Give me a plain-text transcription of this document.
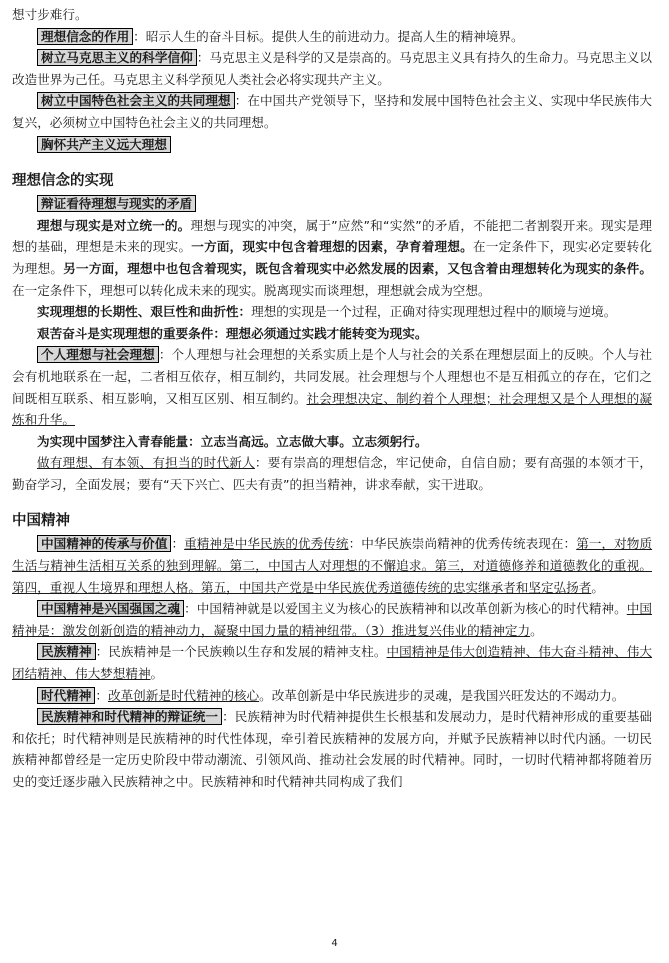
想寸步难行。

理想信念的作用 ：昭示人生的奋斗目标。提供人生的前进动力。提高人生的精神境界。

树立马克思主义的科学信仰 ：马克思主义是科学的又是崇高的。马克思主义具有持久的生命力。马克思主义以改造世界为己任。马克思主义科学预见人类社会必将实现共产主义。

树立中国特色社会主义的共同理想 ：在中国共产党领导下，坚持和发展中国特色社会主义、实现中华民族伟大复兴，必须树立中国特色社会主义的共同理想。

胸怀共产主义远大理想

理想信念的实现

辩证看待理想与现实的矛盾

理想与现实是对立统一的。理想与现实的冲突，属于”应然”和“实然”的矛盾，不能把二者割裂开来。现实是理想的基础，理想是未来的现实。一方面，现实中包含着理想的因素，孕育着理想。在一定条件下，现实必定要转化为理想。另一方面，理想中也包含着现实，既包含着现实中必然发展的因素，又包含着由理想转化为现实的条件。在一定条件下，理想可以转化成未来的现实。脱离现实而谈理想，理想就会成为空想。

实现理想的长期性、艰巨性和曲折性：理想的实现是一个过程，正确对待实现理想过程中的顺境与逆境。

艰苦奋斗是实现理想的重要条件：理想必须通过实践才能转变为现实。

个人理想与社会理想 ：个人理想与社会理想的关系实质上是个人与社会的关系在理想层面上的反映。个人与社会有机地联系在一起，二者相互依存，相互制约，共同发展。社会理想与个人理想也不是互相孤立的存在，它们之间既相互联系、相互影响，又相互区别、相互制约。社会理想决定、制约着个人理想；社会理想又是个人理想的凝炼和升华。

为实现中国梦注入青春能量：立志当高远。立志做大事。立志须躬行。

做有理想、有本领、有担当的时代新人：要有崇高的理想信念，牢记使命，自信自励；要有高强的本领才干，勤奋学习，全面发展；要有“天下兴亡、匹夫有责”的担当精神，讲求奉献，实干进取。

中国精神

中国精神的传承与价值 ：重精神是中华民族的优秀传统：中华民族崇尚精神的优秀传统表现在：第一，对物质生活与精神生活相互关系的独到理解。第二，中国古人对理想的不懈追求。第三，对道德修养和道德教化的重视。第四，重视人生境界和理想人格。第五，中国共产党是中华民族优秀道德传统的忠实继承者和坚定弘扬者。

中国精神是兴国强国之魂 ：中国精神就是以爱国主义为核心的民族精神和以改革创新为核心的时代精神。中国精神是：激发创新创造的精神动力，凝聚中国力量的精神纽带。（3）推进复兴伟业的精神定力。

民族精神 ：民族精神是一个民族赖以生存和发展的精神支柱。中国精神是伟大创造精神、伟大奋斗精神、伟大团结精神、伟大梦想精神。

时代精神 ：改革创新是时代精神的核心。改革创新是中华民族进步的灵魂，是我国兴旺发达的不竭动力。

民族精神和时代精神的辩证统一 ：民族精神为时代精神提供生长根基和发展动力，是时代精神形成的重要基础和依托；时代精神则是民族精神的时代性体现，牵引着民族精神的发展方向，并赋予民族精神以时代内涵。一切民族精神都曾经是一定历史阶段中带动潮流、引领风尚、推动社会发展的时代精神。同时，一切时代精神都将随着历史的变迁逐步融入民族精神之中。民族精神和时代精神共同构成了我们

4
